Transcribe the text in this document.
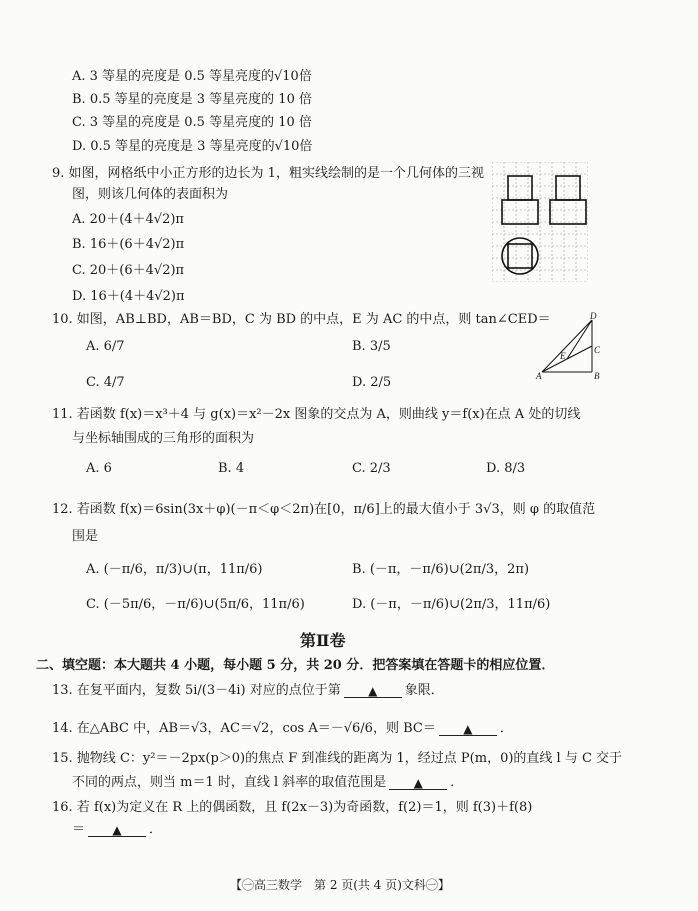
A. 3 等星的亮度是 0.5 等星亮度的√10倍
B. 0.5 等星的亮度是 3 等星亮度的 10 倍
C. 3 等星的亮度是 0.5 等星亮度的 10 倍
D. 0.5 等星的亮度是 3 等星亮度的√10倍
9. 如图，网格纸中小正方形的边长为 1，粗实线绘制的是一个几何体的三视
图，则该几何体的表面积为
A. 20＋(4＋4√2)π
B. 16＋(6＋4√2)π
C. 20＋(6＋4√2)π
D. 16＋(4＋4√2)π
10. 如图，AB⊥BD，AB＝BD，C 为 BD 的中点，E 为 AC 的中点，则 tan∠CED＝
A. 6/7	B. 3/5
C. 4/7	D. 2/5
D
E
C
A	B
11. 若函数 f(x)＝x³＋4 与 g(x)＝x²－2x 图象的交点为 A，则曲线 y＝f(x)在点 A 处的切线
与坐标轴围成的三角形的面积为
A. 6	B. 4	C. 2/3	D. 8/3
12. 若函数 f(x)＝6sin(3x＋φ)(－π＜φ＜2π)在[0，π/6]上的最大值小于 3√3，则 φ 的取值范
围是
A. (－π/6，π/3)∪(π，11π/6)	B. (－π，－π/6)∪(2π/3，2π)
C. (－5π/6，－π/6)∪(5π/6，11π/6)	D. (－π，－π/6)∪(2π/3，11π/6)
第Ⅱ卷
二、填空题：本大题共 4 小题，每小题 5 分，共 20 分．把答案填在答题卡的相应位置．
13. 在复平面内，复数 5i/(3－4i) 对应的点位于第 ▲ 象限．
14. 在△ABC 中，AB＝√3，AC＝√2，cos A＝－√6/6，则 BC＝ ▲ ．
15. 抛物线 C：y²＝－2px(p＞0)的焦点 F 到准线的距离为 1，经过点 P(m，0)的直线 l 与 C 交于
不同的两点，则当 m＝1 时，直线 l 斜率的取值范围是 ▲ ．
16. 若 f(x)为定义在 R 上的偶函数，且 f(2x－3)为奇函数，f(2)＝1，则 f(3)＋f(8)
＝ ▲ ．
【㊀高三数学　第 2 页(共 4 页)文科㊀】
